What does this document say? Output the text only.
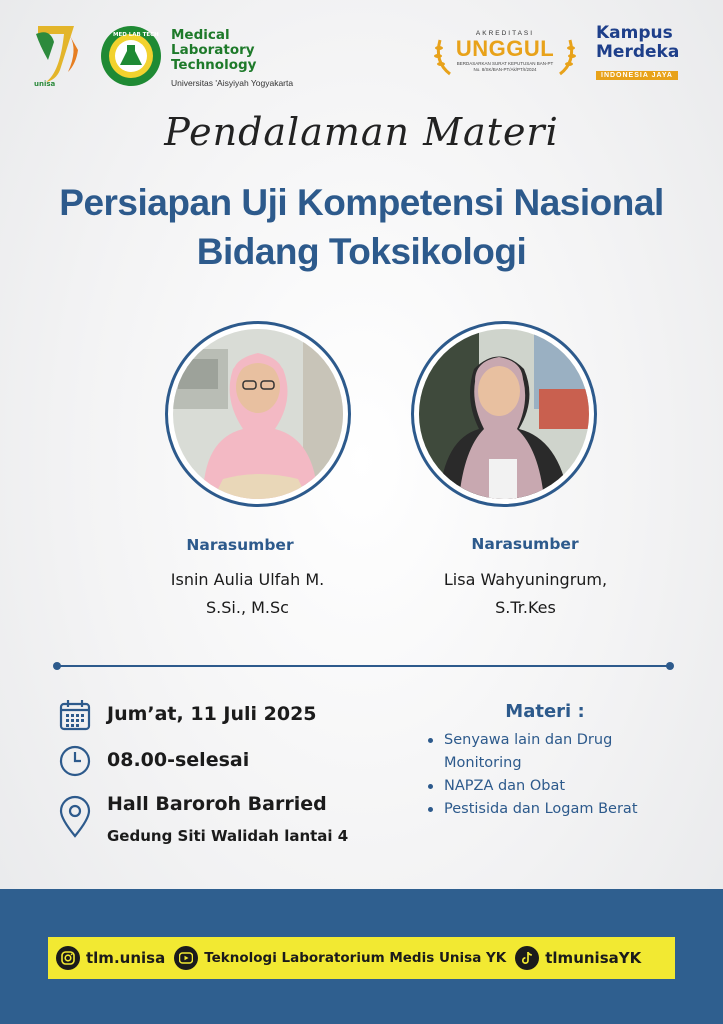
unisa
MED LAB TECH Medical
Laboratory
Technology
Universitas 'Aisyiyah Yogyakarta
AKREDITASI
UNGGUL
BERDASARKAN SURAT KEPUTUSAN BAN-PT
No. 8/SK/BAN-PT/Ak/PT/I/2024
Kampus
Merdeka
INDONESIA JAYA
Pendalaman Materi
Persiapan Uji Kompetensi Nasional
Bidang Toksikologi
Narasumber	Narasumber
Isnin Aulia Ulfah M.
S.Si., M.Sc
Lisa Wahyuningrum,
S.Tr.Kes
Jum’at, 11 Juli 2025
08.00-selesai
Hall Baroroh Barried
Gedung Siti Walidah lantai 4
Materi :
Senyawa lain dan Drug Monitoring
NAPZA dan Obat
Pestisida dan Logam Berat
tlm.unisa	Teknologi Laboratorium Medis Unisa YK	tlmunisaYK
